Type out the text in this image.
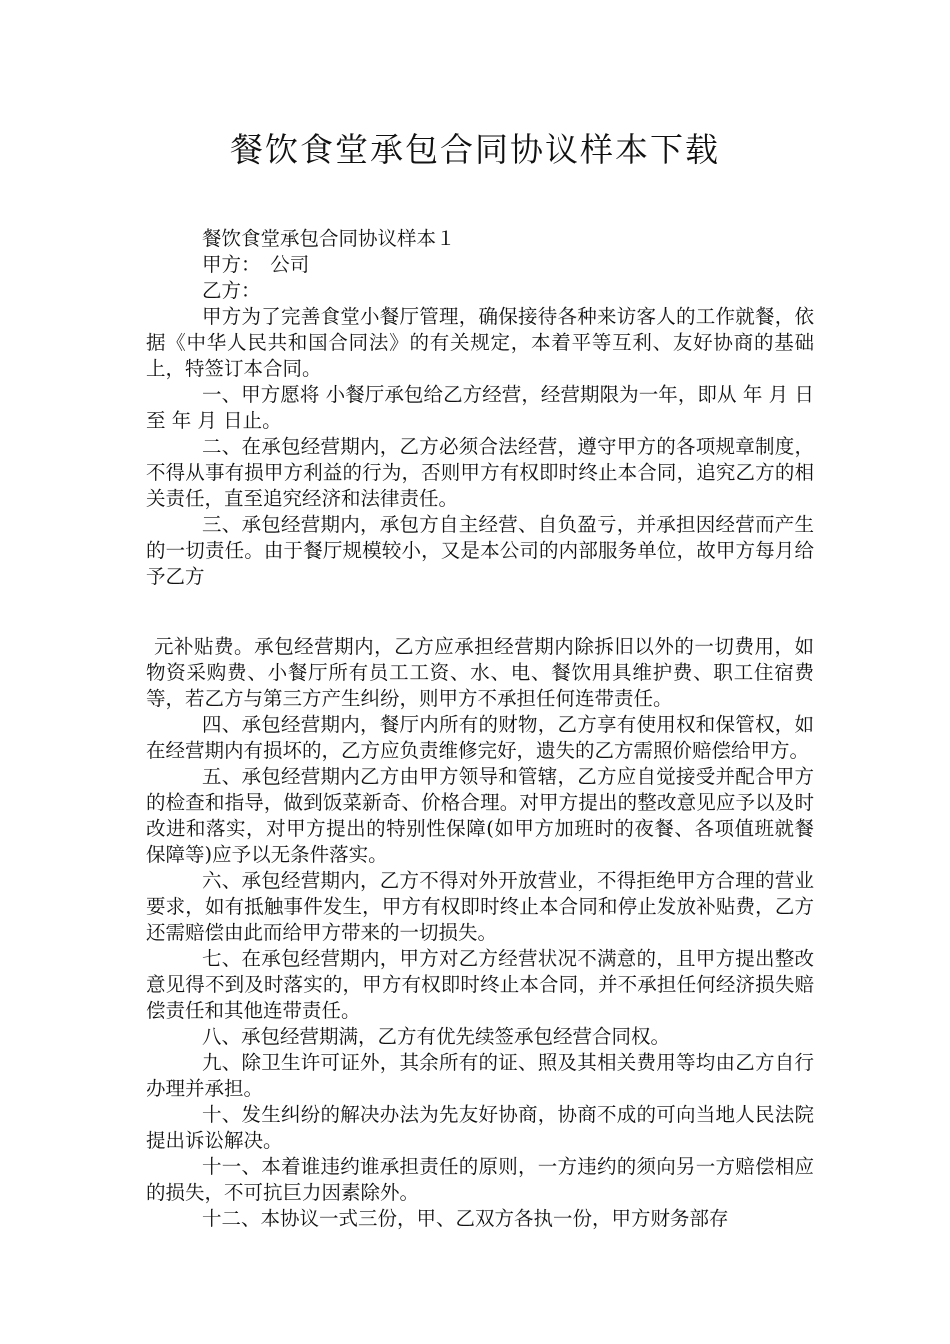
餐饮食堂承包合同协议样本下载

餐饮食堂承包合同协议样本１

甲方：　公司

乙方：

甲方为了完善食堂小餐厅管理，确保接待各种来访客人的工作就餐，依据《中华人民共和国合同法》的有关规定，本着平等互利、友好协商的基础上，特签订本合同。

一、甲方愿将 小餐厅承包给乙方经营，经营期限为一年，即从 年 月 日至 年 月 日止。

二、在承包经营期内，乙方必须合法经营，遵守甲方的各项规章制度，不得从事有损甲方利益的行为，否则甲方有权即时终止本合同，追究乙方的相关责任，直至追究经济和法律责任。

三、承包经营期内，承包方自主经营、自负盈亏，并承担因经营而产生的一切责任。由于餐厅规模较小，又是本公司的内部服务单位，故甲方每月给予乙方

元补贴费。承包经营期内，乙方应承担经营期内除拆旧以外的一切费用，如物资采购费、小餐厅所有员工工资、水、电、餐饮用具维护费、职工住宿费等，若乙方与第三方产生纠纷，则甲方不承担任何连带责任。

四、承包经营期内，餐厅内所有的财物，乙方享有使用权和保管权，如在经营期内有损坏的，乙方应负责维修完好，遗失的乙方需照价赔偿给甲方。

五、承包经营期内乙方由甲方领导和管辖，乙方应自觉接受并配合甲方的检查和指导，做到饭菜新奇、价格合理。对甲方提出的整改意见应予以及时改进和落实，对甲方提出的特别性保障(如甲方加班时的夜餐、各项值班就餐保障等)应予以无条件落实。

六、承包经营期内，乙方不得对外开放营业，不得拒绝甲方合理的营业要求，如有抵触事件发生，甲方有权即时终止本合同和停止发放补贴费，乙方还需赔偿由此而给甲方带来的一切损失。

七、在承包经营期内，甲方对乙方经营状况不满意的，且甲方提出整改意见得不到及时落实的，甲方有权即时终止本合同，并不承担任何经济损失赔偿责任和其他连带责任。

八、承包经营期满，乙方有优先续签承包经营合同权。

九、除卫生许可证外，其余所有的证、照及其相关费用等均由乙方自行办理并承担。

十、发生纠纷的解决办法为先友好协商，协商不成的可向当地人民法院提出诉讼解决。

十一、本着谁违约谁承担责任的原则，一方违约的须向另一方赔偿相应的损失，不可抗巨力因素除外。

十二、本协议一式三份，甲、乙双方各执一份，甲方财务部存
